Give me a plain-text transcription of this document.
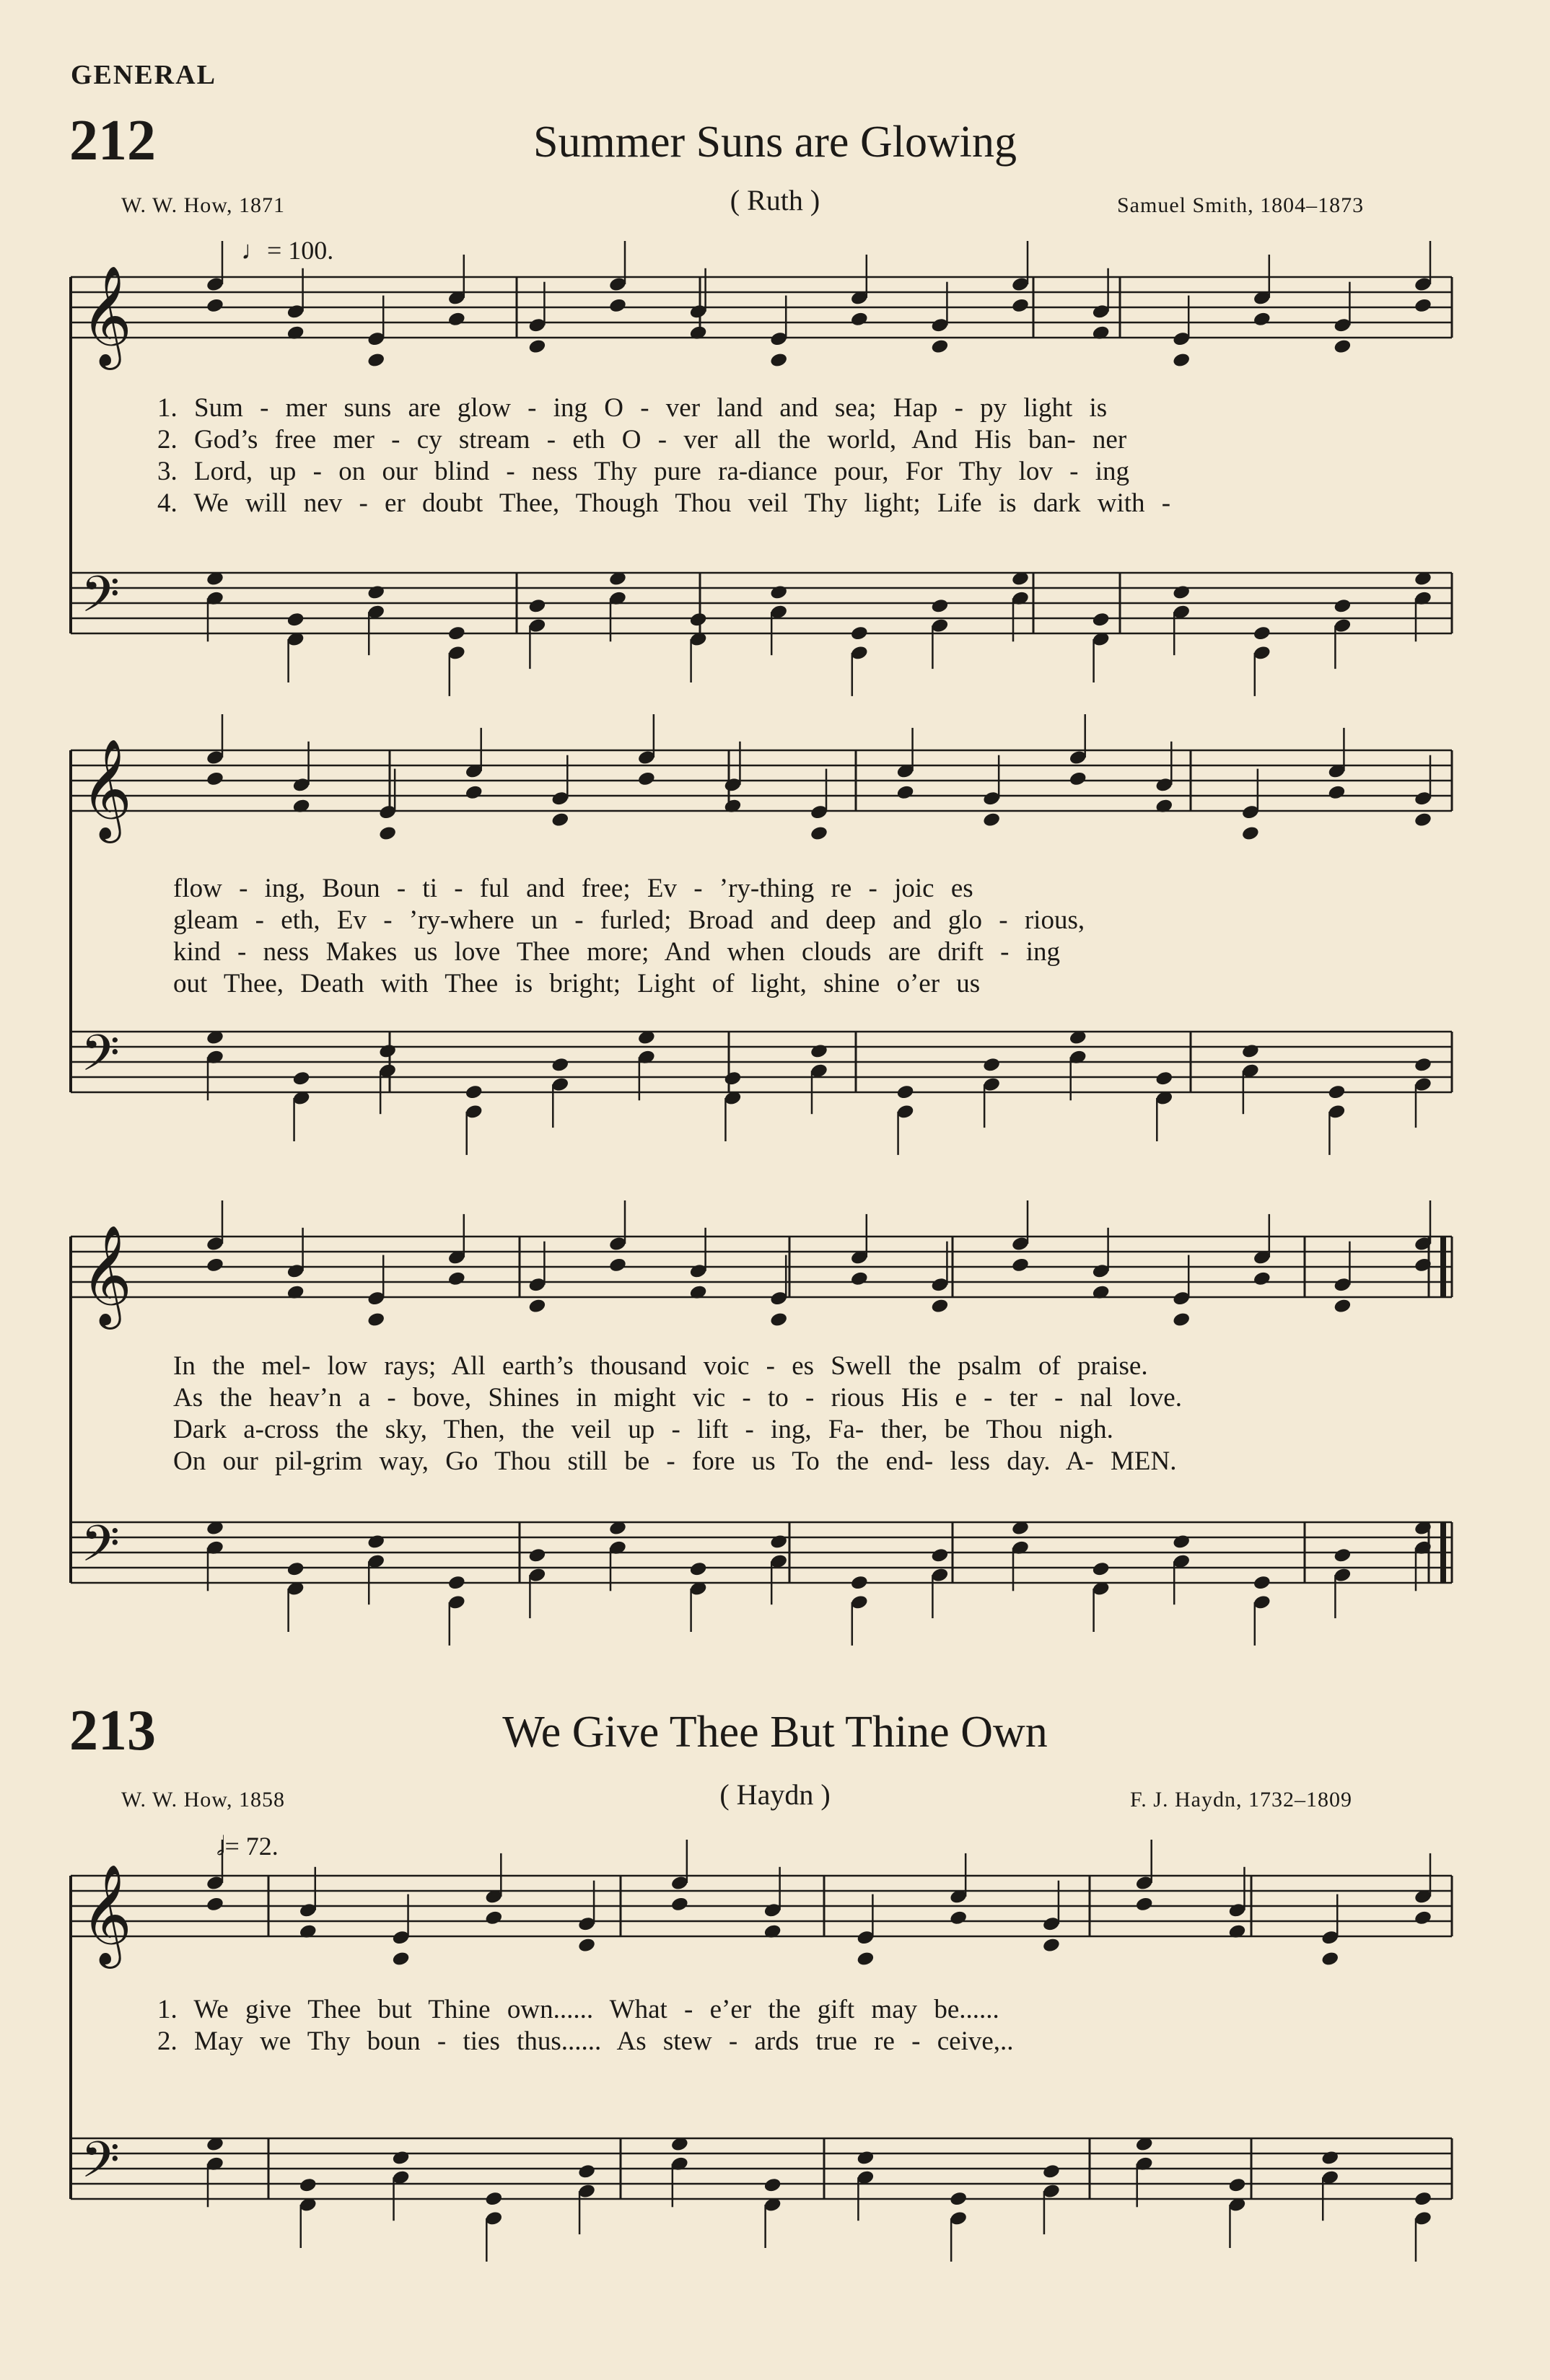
GENERAL
212	Summer Suns are Glowing
W. W. How, 1871	( Ruth )	Samuel Smith, 1804–1873
♩= 100.
1. Sum - mer suns are glow - ing O - ver land and sea; Hap - py light is
2. God’s free mer - cy stream - eth O - ver all the world, And His ban- ner
3. Lord, up - on our blind - ness Thy pure ra-diance pour, For Thy lov - ing
4. We will nev - er doubt Thee, Though Thou veil Thy light; Life is dark with -
flow - ing, Boun - ti - ful and free; Ev - ’ry-thing re - joic es
gleam - eth, Ev - ’ry-where un - furled; Broad and deep and glo - rious,
kind - ness Makes us love Thee more; And when clouds are drift - ing
out Thee, Death with Thee is bright; Light of light, shine o’er us
In the mel- low rays; All earth’s thousand voic - es Swell the psalm of praise.
As the heav’n a - bove, Shines in might vic - to - rious His e - ter - nal love.
Dark a-cross the sky, Then, the veil up - lift - ing, Fa- ther, be Thou nigh.
On our pil-grim way, Go Thou still be - fore us To the end- less day. A- MEN.
213	We Give Thee But Thine Own
W. W. How, 1858	( Haydn )	F. J. Haydn, 1732–1809
𝅗𝅥= 72.
1. We give Thee but Thine own...... What - e’er the gift may be......
2. May we Thy boun - ties thus...... As stew - ards true re - ceive,..
𝄞
𝄢
𝄞
𝄢
𝄞
𝄢
𝄞
𝄢
